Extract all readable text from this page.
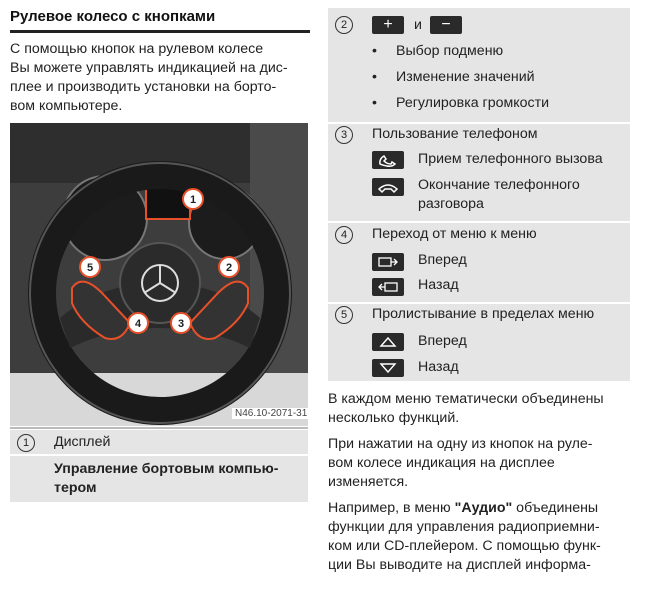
Рулевое колесо с кнопками
С помощью кнопок на рулевом колесе
Вы можете управлять индикацией на дис-
плее и производить установки на борто-
вом компьютере.
1
2
3
4
5
N46.10-2071-31
1	Дисплей
Управление бортовым компью-
тером
2	+	и	−
• Выбор подменю
• Изменение значений
• Регулировка громкости
3	Пользование телефоном
Прием телефонного вызова
Окончание телефонного
разговора
4	Переход от меню к меню
Вперед
Назад
5	Пролистывание в пределах меню
Вперед
Назад
В каждом меню тематически объединены
несколько функций.
При нажатии на одну из кнопок на руле-
вом колесе индикация на дисплее
изменяется.
Например, в меню "Аудио" объединены
функции для управления радиоприемни-
ком или CD-плейером. С помощью функ-
ции Вы выводите на дисплей информа-
